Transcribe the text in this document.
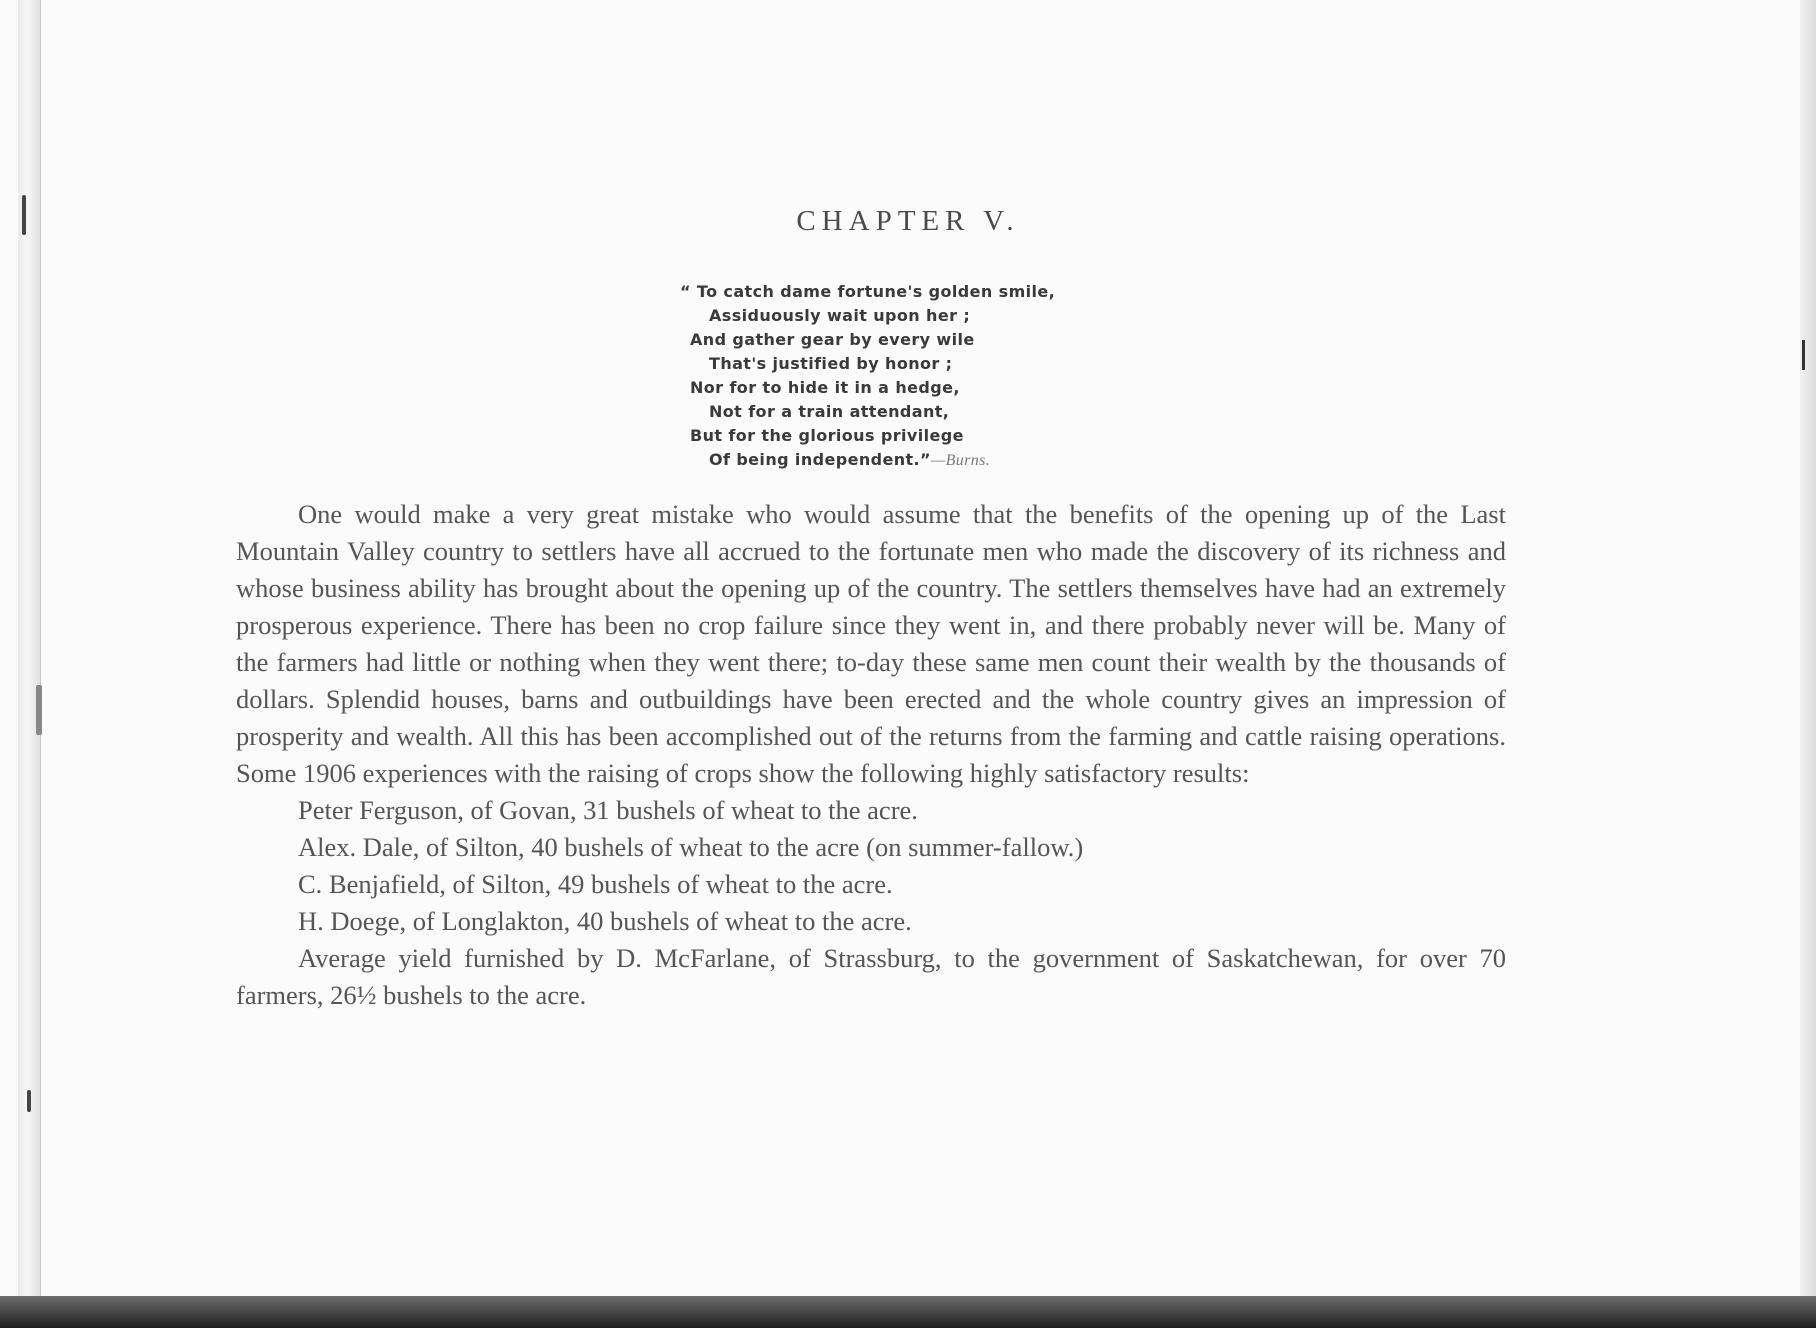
CHAPTER V.
“ To catch dame fortune's golden smile,
Assiduously wait upon her ;
And gather gear by every wile
That's justified by honor ;
Nor for to hide it in a hedge,
Not for a train attendant,
But for the glorious privilege
Of being independent.”—Burns.

One would make a very great mistake who would assume that the benefits of the opening up of the Last Mountain Valley country to settlers have all accrued to the fortunate men who made the discovery of its richness and whose business ability has brought about the opening up of the country. The settlers themselves have had an extremely prosperous experience. There has been no crop failure since they went in, and there probably never will be. Many of the farmers had little or nothing when they went there; to-day these same men count their wealth by the thousands of dollars. Splendid houses, barns and outbuildings have been erected and the whole country gives an impression of prosperity and wealth. All this has been accomplished out of the returns from the farming and cattle raising operations. Some 1906 experiences with the raising of crops show the following highly satisfactory results:

Peter Ferguson, of Govan, 31 bushels of wheat to the acre.
Alex. Dale, of Silton, 40 bushels of wheat to the acre (on summer-fallow.)
C. Benjafield, of Silton, 49 bushels of wheat to the acre.
H. Doege, of Longlakton, 40 bushels of wheat to the acre.

Average yield furnished by D. McFarlane, of Strassburg, to the government of Saskatchewan, for over 70 farmers, 26½ bushels to the acre.
